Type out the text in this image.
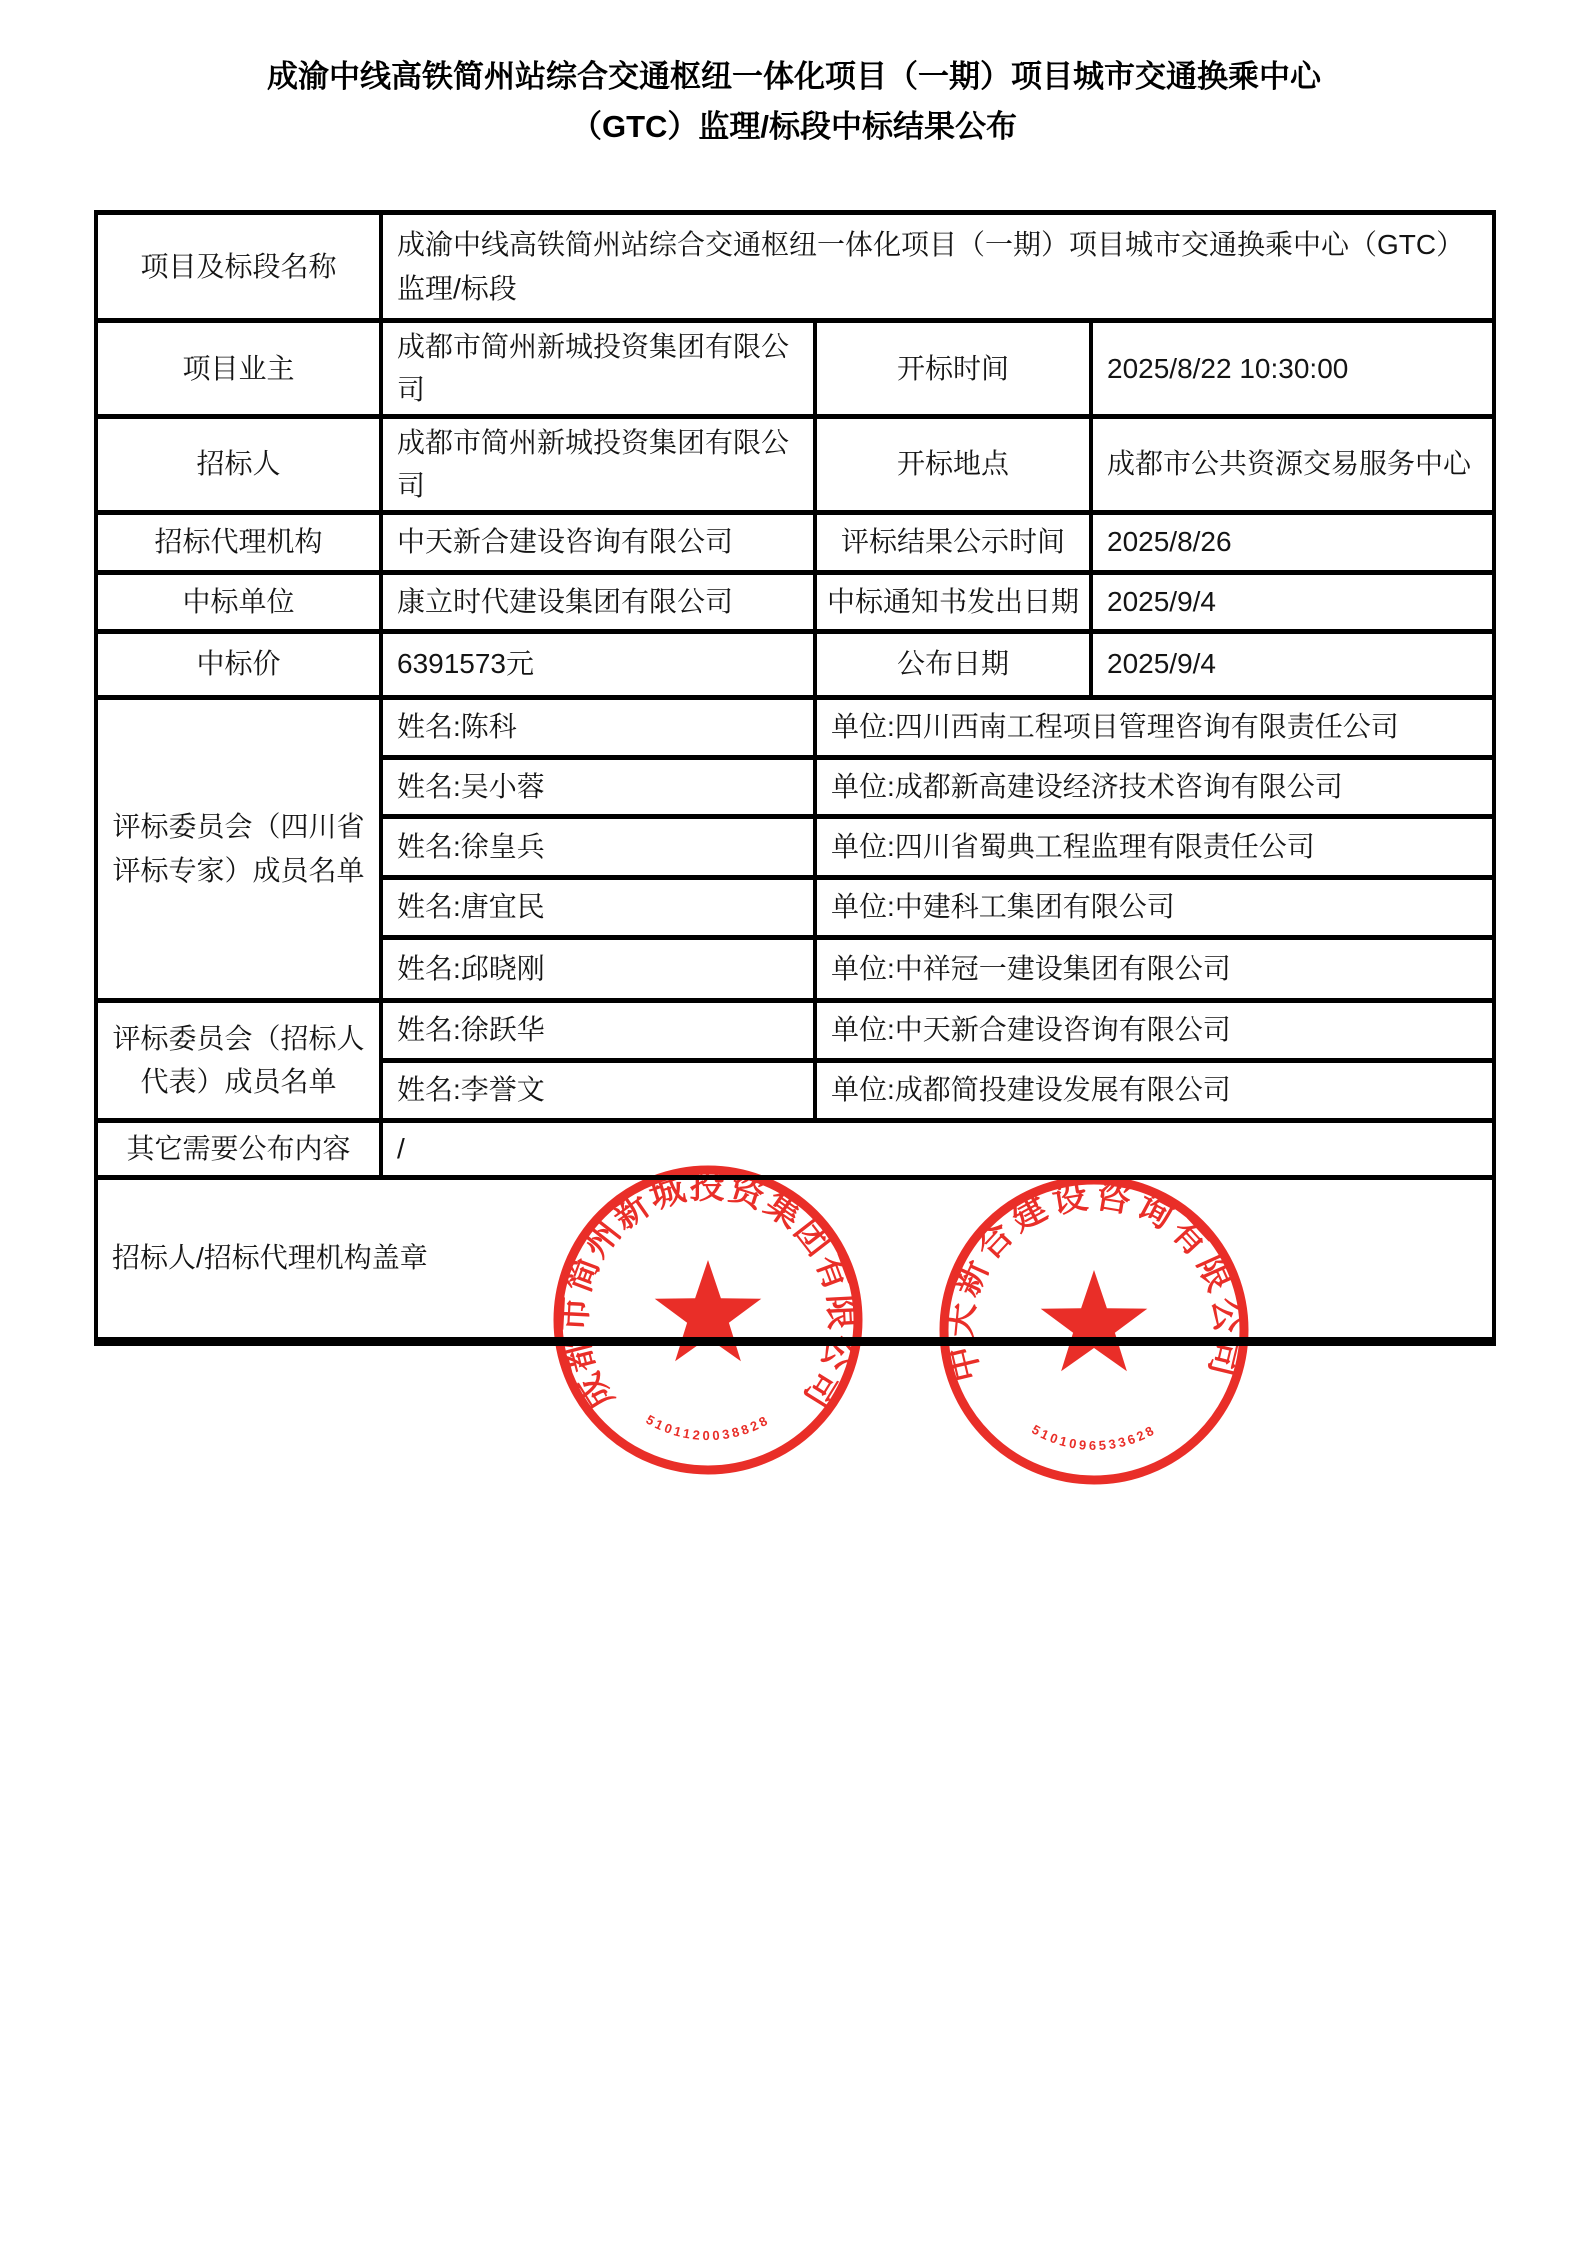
成渝中线高铁简州站综合交通枢纽一体化项目（一期）项目城市交通换乘中心（GTC）监理/标段中标结果公布
项目及标段名称	成渝中线高铁简州站综合交通枢纽一体化项目（一期）项目城市交通换乘中心（GTC）监理/标段		
项目业主	成都市简州新城投资集团有限公司	开标时间	2025/8/22 10:30:00
招标人	成都市简州新城投资集团有限公司	开标地点	成都市公共资源交易服务中心
招标代理机构	中天新合建设咨询有限公司	评标结果公示时间	2025/8/26
中标单位	康立时代建设集团有限公司	中标通知书发出日期	2025/9/4
中标价	6391573元	公布日期	2025/9/4
评标委员会（四川省评标专家）成员名单	姓名:陈科	单位:四川西南工程项目管理咨询有限责任公司	
	姓名:吴小蓉	单位:成都新高建设经济技术咨询有限公司	
	姓名:徐皇兵	单位:四川省蜀典工程监理有限责任公司	
	姓名:唐宜民	单位:中建科工集团有限公司	
	姓名:邱晓刚	单位:中祥冠一建设集团有限公司	
评标委员会（招标人代表）成员名单	姓名:徐跃华	单位:中天新合建设咨询有限公司	
	姓名:李誉文	单位:成都简投建设发展有限公司	
其它需要公布内容	/		
招标人/招标代理机构盖章			
成都市简州新城投资集团有限公司
5101120038828
中天新合建设咨询有限公司
5101096533628
